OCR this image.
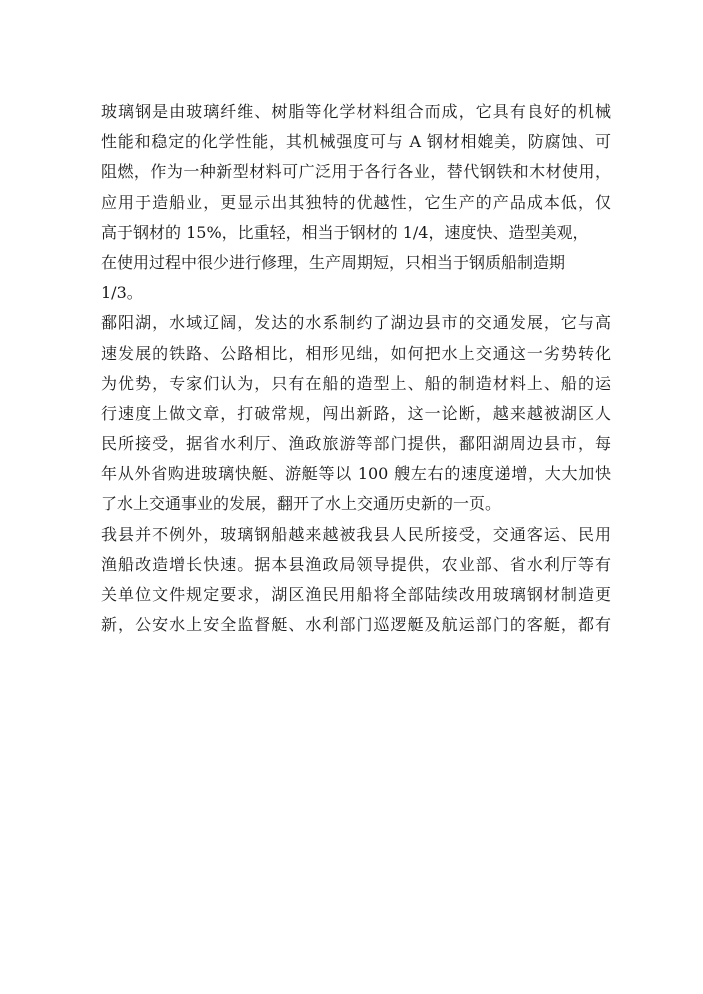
玻璃钢是由玻璃纤维、树脂等化学材料组合而成，它具有良好的机械
性能和稳定的化学性能，其机械强度可与 A 钢材相媲美，防腐蚀、可
阻燃，作为一种新型材料可广泛用于各行各业，替代钢铁和木材使用，
应用于造船业，更显示出其独特的优越性，它生产的产品成本低，仅
高于钢材的 15%，比重轻，相当于钢材的 1/4，速度快、造型美观，
在使用过程中很少进行修理，生产周期短，只相当于钢质船制造期
1/3。
鄱阳湖，水域辽阔，发达的水系制约了湖边县市的交通发展，它与高
速发展的铁路、公路相比，相形见绌，如何把水上交通这一劣势转化
为优势，专家们认为，只有在船的造型上、船的制造材料上、船的运
行速度上做文章，打破常规，闯出新路，这一论断，越来越被湖区人
民所接受，据省水利厅、渔政旅游等部门提供，鄱阳湖周边县市，每
年从外省购进玻璃快艇、游艇等以 100 艘左右的速度递增，大大加快
了水上交通事业的发展，翻开了水上交通历史新的一页。
我县并不例外，玻璃钢船越来越被我县人民所接受，交通客运、民用
渔船改造增长快速。据本县渔政局领导提供，农业部、省水利厅等有
关单位文件规定要求，湖区渔民用船将全部陆续改用玻璃钢材制造更
新，公安水上安全监督艇、水利部门巡逻艇及航运部门的客艇，都有
